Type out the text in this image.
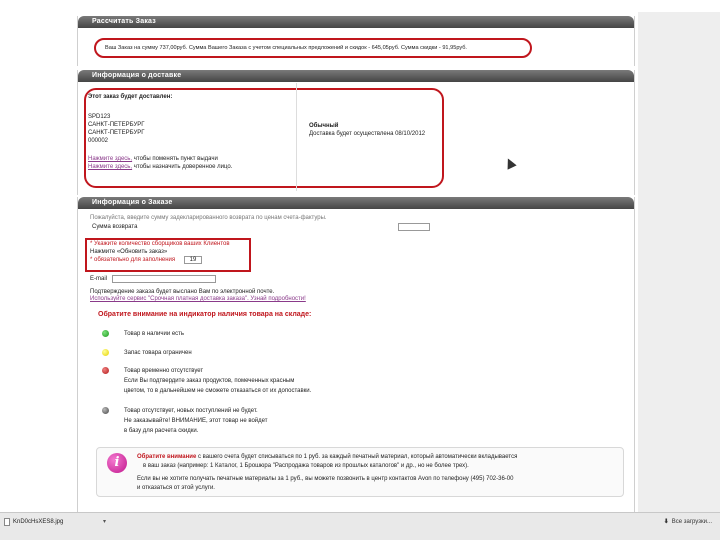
Рассчитать Заказ
Ваш Заказ на сумму 737,00руб. Сумма Вашего Заказа с учетом специальных предложений и скидок - 645,05руб. Сумма скидки - 91,95руб.
Информация о доставке
Этот заказ будет доставлен:
SPD123
САНКТ-ПЕТЕРБУРГ
САНКТ-ПЕТЕРБУРГ
000002
Обычный
Доставка будет осуществлена 08/10/2012
Нажмите здесь, чтобы поменять пункт выдачи
Нажмите здесь, чтобы назначить доверенное лицо.
Информация о Заказе
Пожалуйста, введите сумму задекларированного возврата по ценам счета-фактуры.
Сумма возврата
* Укажите количество сборщиков ваших Клиентов
Нажмите «Обновить заказ»
* обязательно для заполнения	19
E-mail
Подтверждение заказа будет выслано Вам по электронной почте.
Используйте сервис "Срочная платная доставка заказа". Узнай подробности!
Обратите внимание на индикатор наличия товара на складе:
Товар в наличии есть
Запас товара ограничен
Товар временно отсутствует
Если Вы подтвердите заказ продуктов, помеченных красным
цветом, то в дальнейшем не сможете отказаться от их допоставки.
Товар отсутствует, новых поступлений не будет.
Не заказывайте! ВНИМАНИЕ, этот товар не войдет
в базу для расчета скидки.
i	Обратите внимание с вашего счета будет списываться по 1 руб. за каждый печатный материал, который автоматически вкладывается
в ваш заказ (например: 1 Каталог, 1 Брошюра "Распродажа товаров из прошлых каталогов" и др., но не более трех).
Если вы не хотите получать печатные материалы за 1 руб., вы можете позвонить в центр контактов Avon по телефону (495) 702-36-00
и отказаться от этой услуги.
KnD0cHsXES8.jpg	▾	⬇ Все загрузки...
